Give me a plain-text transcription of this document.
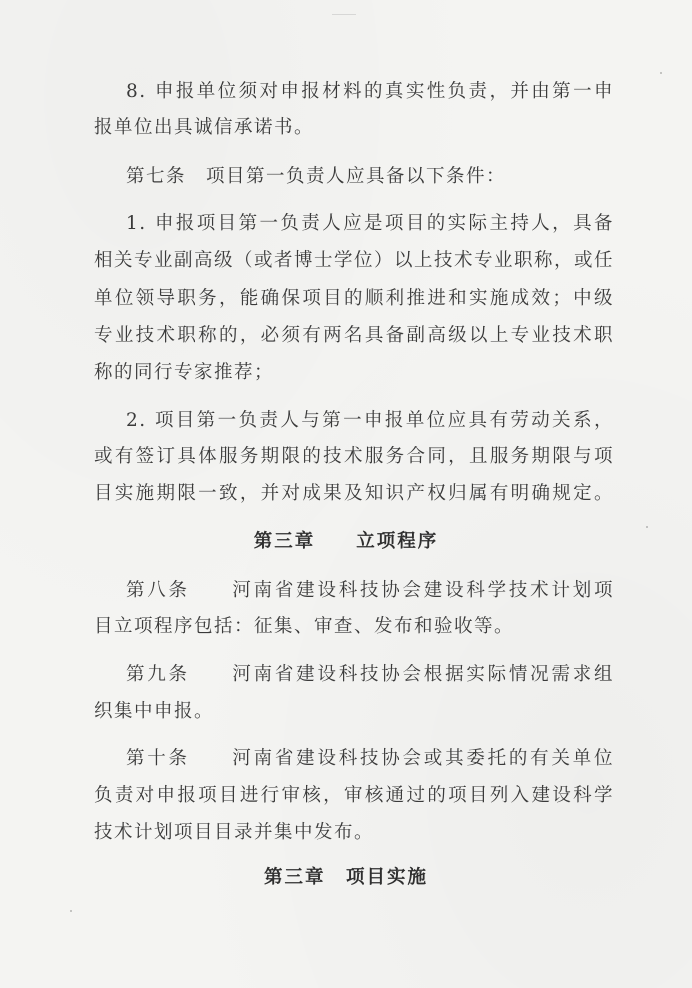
8. 申报单位须对申报材料的真实性负责，并由第一申
报单位出具诚信承诺书。
第七条　项目第一负责人应具备以下条件：
1. 申报项目第一负责人应是项目的实际主持人，具备
相关专业副高级（或者博士学位）以上技术专业职称，或任
单位领导职务，能确保项目的顺利推进和实施成效；中级
专业技术职称的，必须有两名具备副高级以上专业技术职
称的同行专家推荐；
2. 项目第一负责人与第一申报单位应具有劳动关系，
或有签订具体服务期限的技术服务合同，且服务期限与项
目实施期限一致，并对成果及知识产权归属有明确规定。
第三章　　立项程序
第八条　　河南省建设科技协会建设科学技术计划项
目立项程序包括：征集、审查、发布和验收等。
第九条　　河南省建设科技协会根据实际情况需求组
织集中申报。
第十条　　河南省建设科技协会或其委托的有关单位
负责对申报项目进行审核，审核通过的项目列入建设科学
技术计划项目目录并集中发布。
第三章　项目实施
